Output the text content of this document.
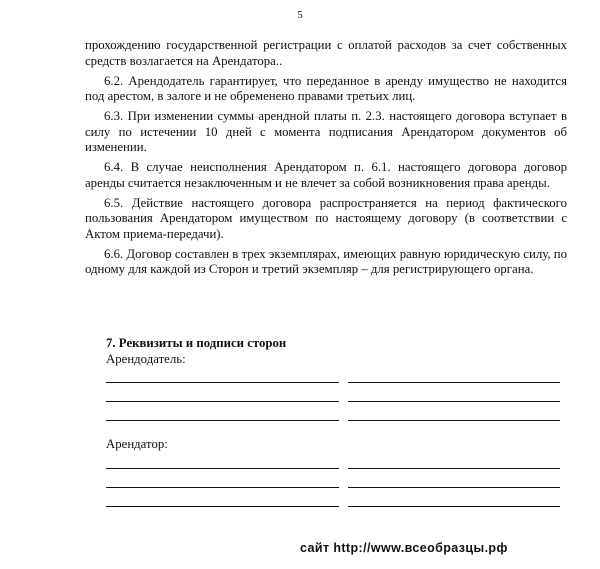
5

прохождению государственной регистрации с оплатой расходов за счет собственных средств возлагается на Арендатора..

6.2. Арендодатель гарантирует, что переданное в аренду имущество не находится под арестом, в залоге и не обременено правами третьих лиц.

6.3. При изменении суммы арендной платы п. 2.3. настоящего договора вступает в силу по истечении 10 дней с момента подписания Арендатором документов об изменении.

6.4. В случае неисполнения Арендатором п. 6.1. настоящего договора договор аренды считается незаключенным и не влечет за собой возникновения права аренды.

6.5. Действие настоящего договора распространяется на период фактического пользования Арендатором имуществом по настоящему договору (в соответствии с Актом приема-передачи).

6.6. Договор составлен в трех экземплярах, имеющих равную юридическую силу, по одному для каждой из Сторон и третий экземпляр – для регистрирующего органа.

7. Реквизиты и подписи сторон

Арендодатель:

Арендатор:

сайт http://www.всеобразцы.рф
